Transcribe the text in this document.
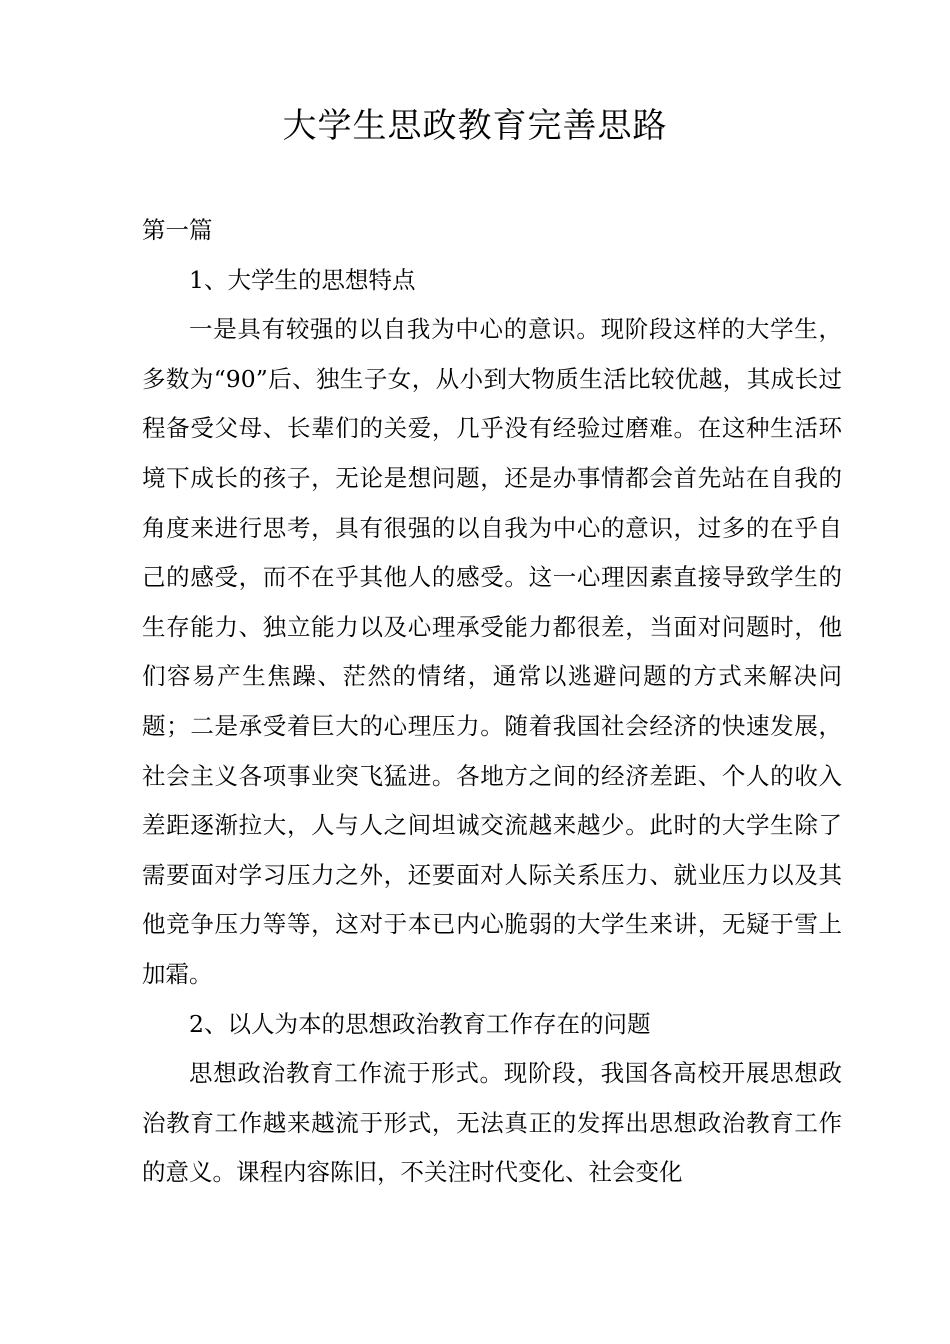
大学生思政教育完善思路

第一篇

1、大学生的思想特点

一是具有较强的以自我为中心的意识。现阶段这样的大学生，多数为“90”后、独生子女，从小到大物质生活比较优越，其成长过程备受父母、长辈们的关爱，几乎没有经验过磨难。在这种生活环境下成长的孩子，无论是想问题，还是办事情都会首先站在自我的角度来进行思考，具有很强的以自我为中心的意识，过多的在乎自己的感受，而不在乎其他人的感受。这一心理因素直接导致学生的生存能力、独立能力以及心理承受能力都很差，当面对问题时，他们容易产生焦躁、茫然的情绪，通常以逃避问题的方式来解决问题；二是承受着巨大的心理压力。随着我国社会经济的快速发展，社会主义各项事业突飞猛进。各地方之间的经济差距、个人的收入差距逐渐拉大，人与人之间坦诚交流越来越少。此时的大学生除了需要面对学习压力之外，还要面对人际关系压力、就业压力以及其他竞争压力等等，这对于本已内心脆弱的大学生来讲，无疑于雪上加霜。

2、以人为本的思想政治教育工作存在的问题

思想政治教育工作流于形式。现阶段，我国各高校开展思想政治教育工作越来越流于形式，无法真正的发挥出思想政治教育工作的意义。课程内容陈旧，不关注时代变化、社会变化
